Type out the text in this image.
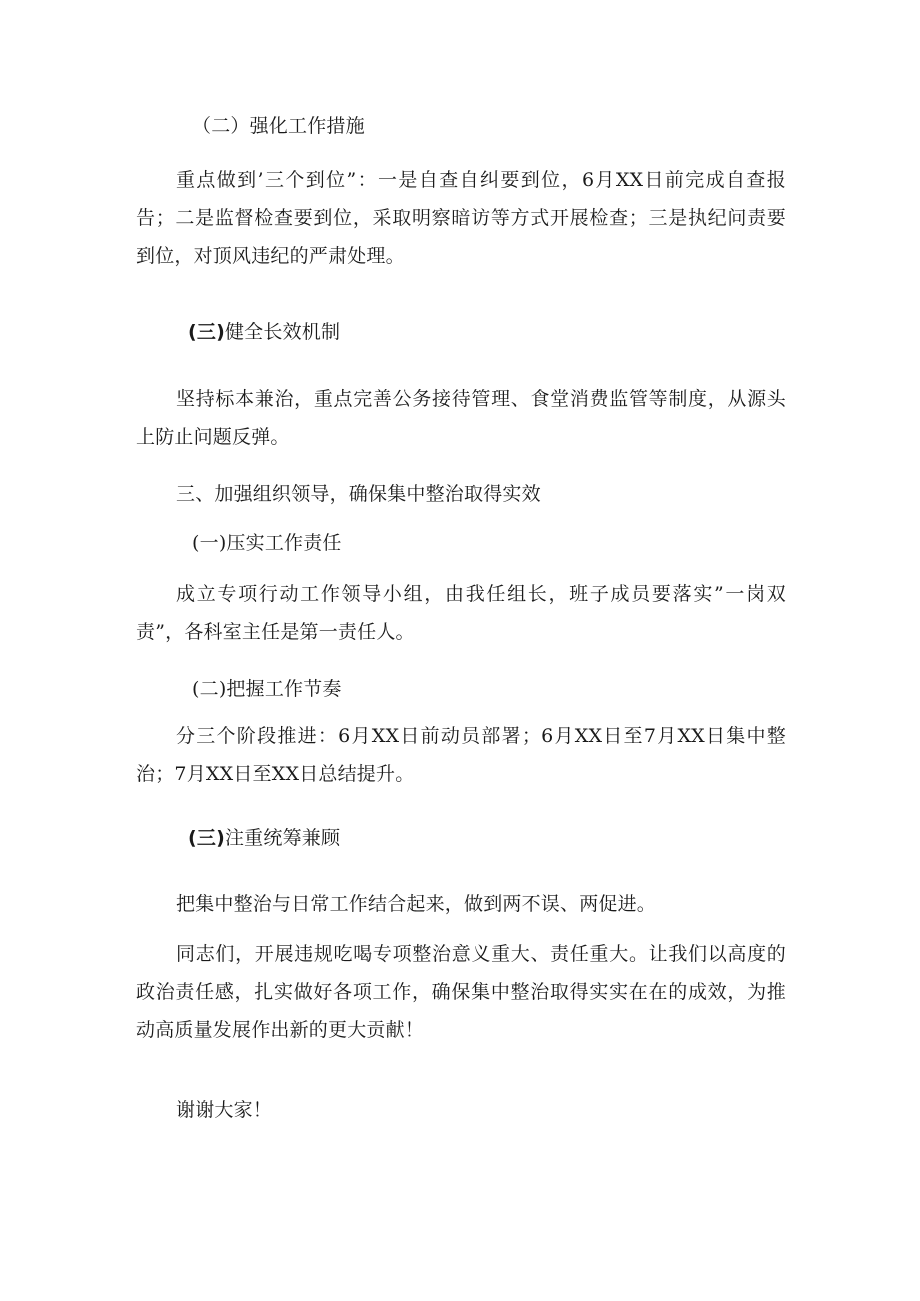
（二）强化工作措施

重点做到’三个到位”：一是自查自纠要到位，6月XX日前完成自查报告；二是监督检查要到位，采取明察暗访等方式开展检查；三是执纪问责要到位，对顶风违纪的严肃处理。

(三)健全长效机制

坚持标本兼治，重点完善公务接待管理、食堂消费监管等制度，从源头上防止问题反弹。

三、加强组织领导，确保集中整治取得实效

(一)压实工作责任

成立专项行动工作领导小组，由我任组长，班子成员要落实”一岗双责”，各科室主任是第一责任人。

(二)把握工作节奏

分三个阶段推进：6月XX日前动员部署；6月XX日至7月XX日集中整治；7月XX日至XX日总结提升。

(三)注重统筹兼顾

把集中整治与日常工作结合起来，做到两不误、两促进。

同志们，开展违规吃喝专项整治意义重大、责任重大。让我们以高度的政治责任感，扎实做好各项工作，确保集中整治取得实实在在的成效，为推动高质量发展作出新的更大贡献！

谢谢大家！
